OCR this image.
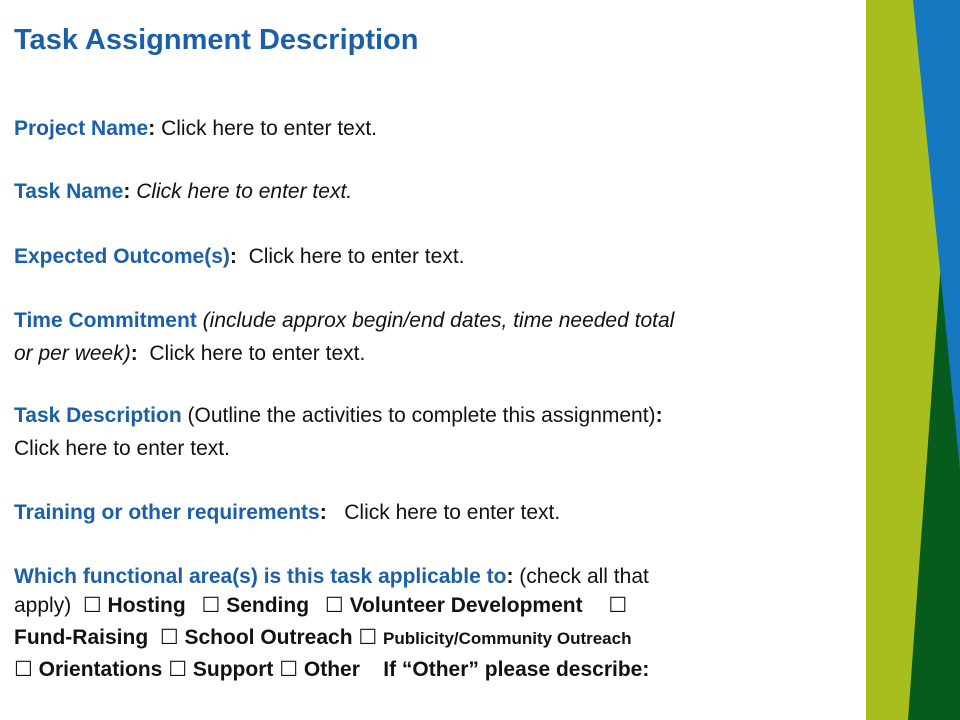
Task Assignment Description
Project Name: Click here to enter text.
Task Name: Click here to enter text.
Expected Outcome(s): Click here to enter text.
Time Commitment (include approx begin/end dates, time needed total
or per week): Click here to enter text.
Task Description (Outline the activities to complete this assignment):
Click here to enter text.
Training or other requirements: Click here to enter text.
Which functional area(s) is this task applicable to: (check all that
apply) ☐ Hosting ☐ Sending ☐ Volunteer Development ☐
Fund-Raising ☐ School Outreach ☐ Publicity/Community Outreach
☐ Orientations ☐ Support ☐ Other If “Other” please describe:
